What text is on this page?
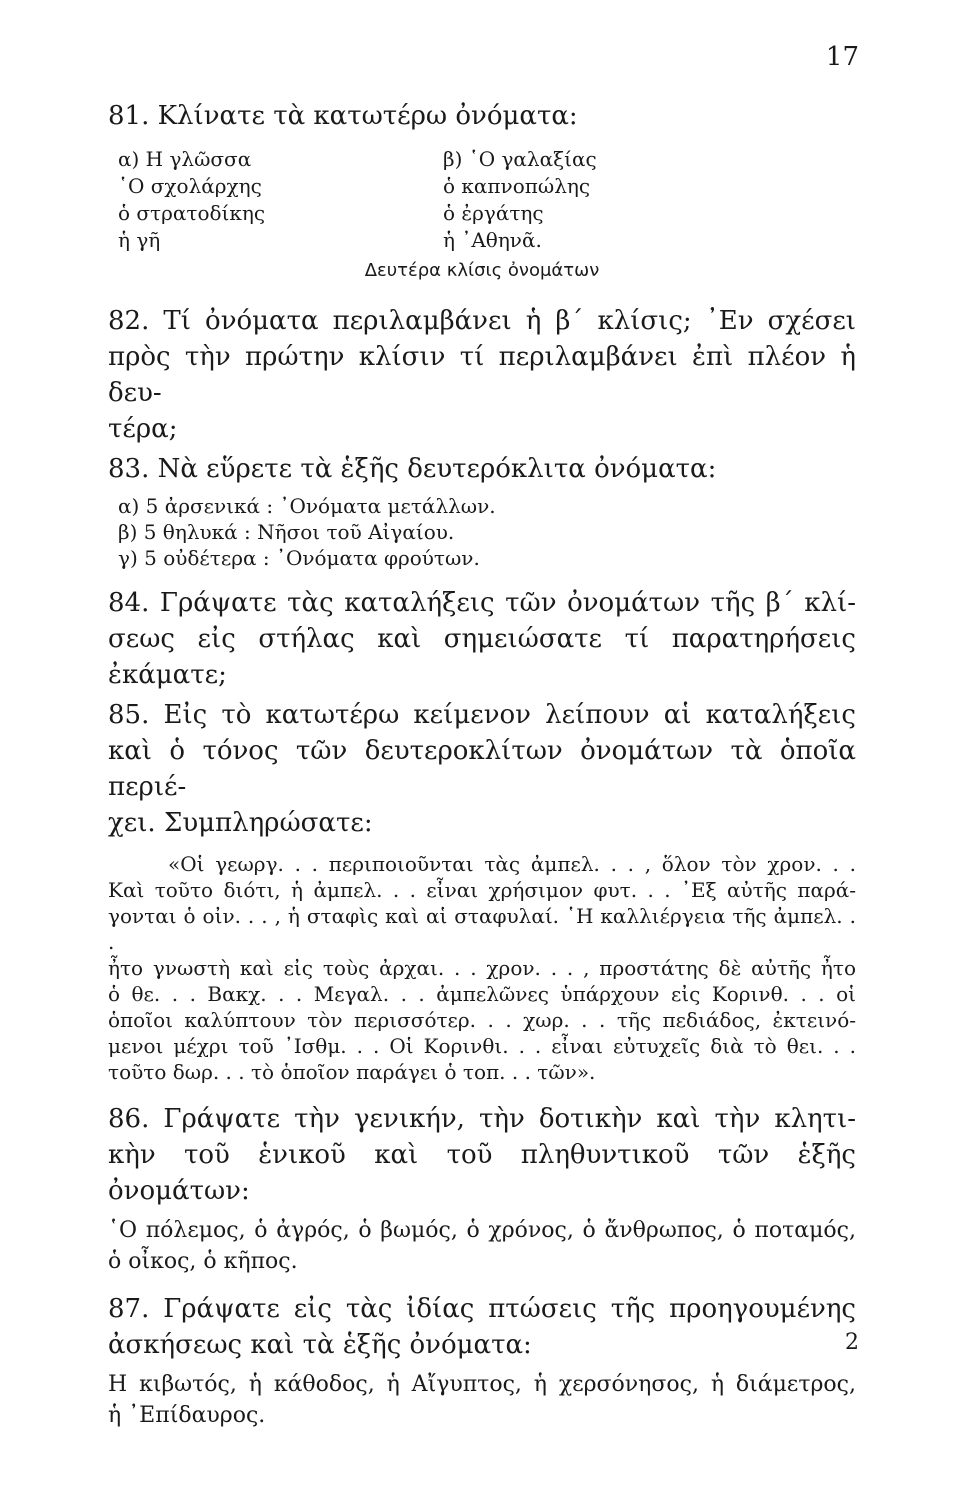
17
81. Κλίνατε τὰ κατωτέρω ὀνόματα:
α) Η γλῶσσα
῾Ο σχολάρχης
ὁ στρατοδίκης
ἡ γῆ
β) ῾Ο γαλαξίας
ὁ καπνοπώλης
ὁ ἐργάτης
ἡ ᾿Αθηνᾶ.
Δευτέρα κλίσις ὀνομάτων
82. Τί ὀνόματα περιλαμβάνει ἡ β΄ κλίσις; ᾿Εν σχέσει
πρὸς τὴν πρώτην κλίσιν τί περιλαμβάνει ἐπὶ πλέον ἡ δευ-
τέρα;
83. Νὰ εὕρετε τὰ ἑξῆς δευτερόκλιτα ὀνόματα:
α) 5 ἀρσενικά : ᾿Ονόματα μετάλλων.
β) 5 θηλυκά : Νῆσοι τοῦ Αἰγαίου.
γ) 5 οὐδέτερα : ᾿Ονόματα φρούτων.
84. Γράψατε τὰς καταλήξεις τῶν ὀνομάτων τῆς β΄ κλί-
σεως εἰς στήλας καὶ σημειώσατε τί παρατηρήσεις ἐκάματε;
85. Εἰς τὸ κατωτέρω κείμενον λείπουν αἱ καταλήξεις
καὶ ὁ τόνος τῶν δευτεροκλίτων ὀνομάτων τὰ ὁποῖα περιέ-
χει. Συμπληρώσατε:
«Οἱ γεωργ. . . περιποιοῦνται τὰς ἀμπελ. . . , ὅλον τὸν χρον. . .
Καὶ τοῦτο διότι, ἡ ἀμπελ. . . εἶναι χρήσιμον φυτ. . . ᾿Εξ αὐτῆς παρά-
γονται ὁ οἰν. . . , ἡ σταφὶς καὶ αἱ σταφυλαί. ῾Η καλλιέργεια τῆς ἀμπελ. . .
ἦτο γνωστὴ καὶ εἰς τοὺς ἀρχαι. . . χρον. . . , προστάτης δὲ αὐτῆς ἦτο
ὁ θε. . . Βακχ. . . Μεγαλ. . . ἀμπελῶνες ὑπάρχουν εἰς Κορινθ. . . οἱ
ὁποῖοι καλύπτουν τὸν περισσότερ. . . χωρ. . . τῆς πεδιάδος, ἐκτεινό-
μενοι μέχρι τοῦ ᾿Ισθμ. . . Οἱ Κορινθι. . . εἶναι εὐτυχεῖς διὰ τὸ θει. . .
τοῦτο δωρ. . . τὸ ὁποῖον παράγει ὁ τοπ. . . τῶν».
86. Γράψατε τὴν γενικήν, τὴν δοτικὴν καὶ τὴν κλητι-
κὴν τοῦ ἑνικοῦ καὶ τοῦ πληθυντικοῦ τῶν ἑξῆς ὀνομάτων:
῾Ο πόλεμος, ὁ ἀγρός, ὁ βωμός, ὁ χρόνος, ὁ ἄνθρωπος, ὁ ποταμός,
ὁ οἶκος, ὁ κῆπος.
87. Γράψατε εἰς τὰς ἰδίας πτώσεις τῆς προηγουμένης
ἀσκήσεως καὶ τὰ ἑξῆς ὀνόματα:
Η κιβωτός, ἡ κάθοδος, ἡ Αἴγυπτος, ἡ χερσόνησος, ἡ διάμετρος,
ἡ ᾿Επίδαυρος.
2
